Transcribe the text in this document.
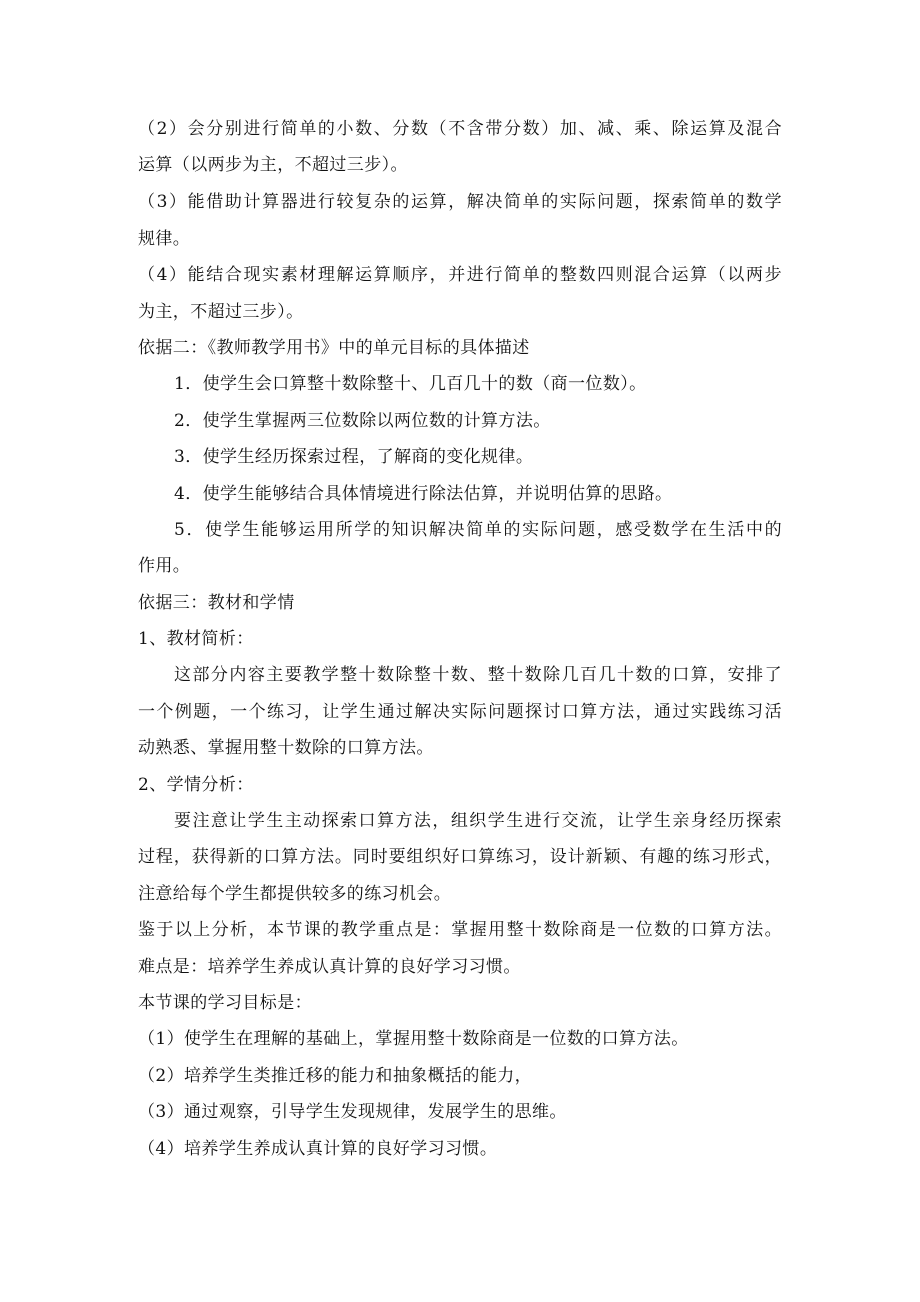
（2）会分别进行简单的小数、分数（不含带分数）加、减、乘、除运算及混合
运算（以两步为主，不超过三步）。
（3）能借助计算器进行较复杂的运算，解决简单的实际问题，探索简单的数学
规律。
（4）能结合现实素材理解运算顺序，并进行简单的整数四则混合运算（以两步
为主，不超过三步）。
依据二：《教师教学用书》中的单元目标的具体描述
1．使学生会口算整十数除整十、几百几十的数（商一位数）。
2．使学生掌握两三位数除以两位数的计算方法。
3．使学生经历探索过程，了解商的变化规律。
4．使学生能够结合具体情境进行除法估算，并说明估算的思路。
5．使学生能够运用所学的知识解决简单的实际问题，感受数学在生活中的
作用。
依据三：教材和学情
1、教材简析：
这部分内容主要教学整十数除整十数、整十数除几百几十数的口算，安排了
一个例题，一个练习，让学生通过解决实际问题探讨口算方法，通过实践练习活
动熟悉、掌握用整十数除的口算方法。
2、学情分析：
要注意让学生主动探索口算方法，组织学生进行交流，让学生亲身经历探索
过程，获得新的口算方法。同时要组织好口算练习，设计新颖、有趣的练习形式，
注意给每个学生都提供较多的练习机会。
鉴于以上分析，本节课的教学重点是：掌握用整十数除商是一位数的口算方法。
难点是：培养学生养成认真计算的良好学习习惯。
本节课的学习目标是：
（1）使学生在理解的基础上，掌握用整十数除商是一位数的口算方法。
（2）培养学生类推迁移的能力和抽象概括的能力，
（3）通过观察，引导学生发现规律，发展学生的思维。
（4）培养学生养成认真计算的良好学习习惯。
